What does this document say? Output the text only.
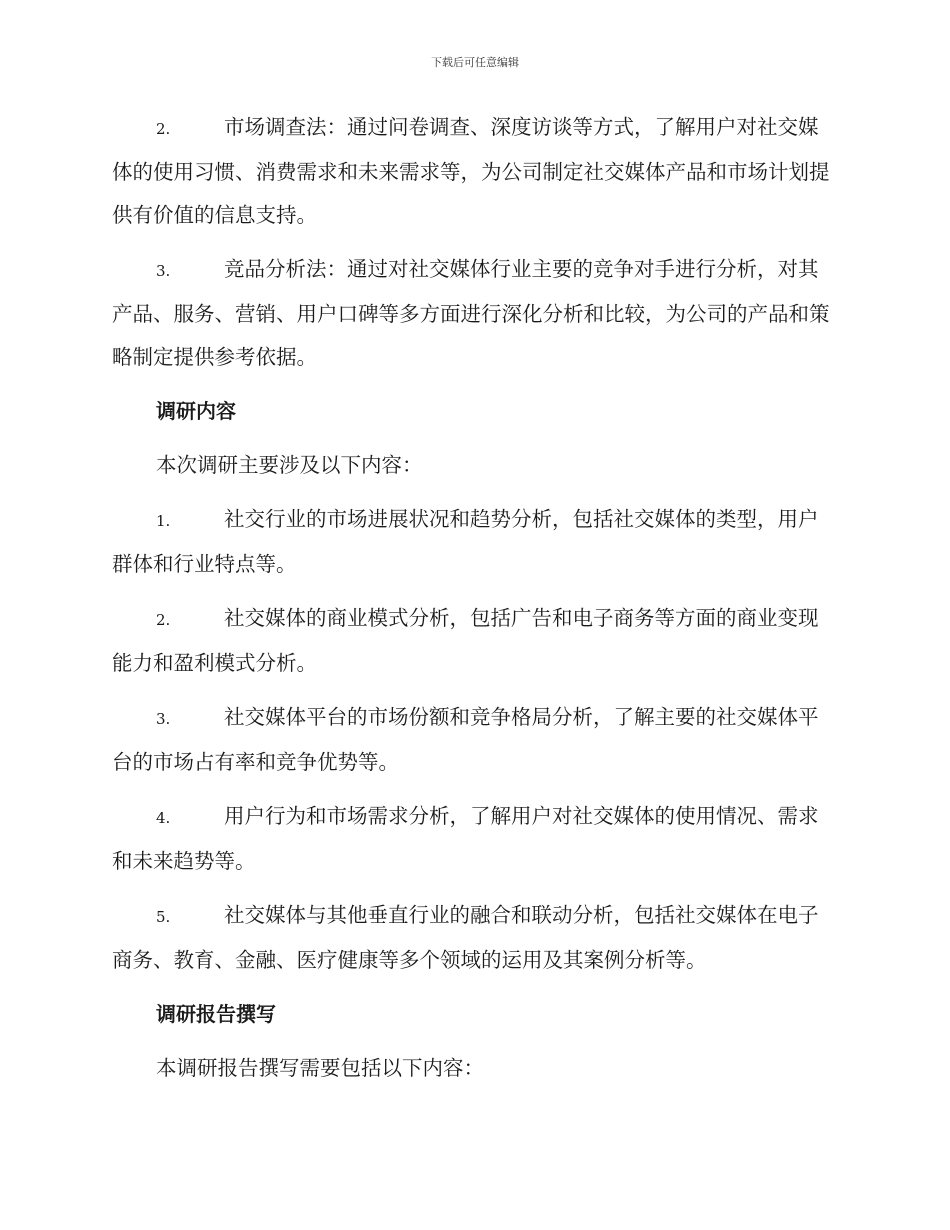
下载后可任意编辑

2.	市场调查法：通过问卷调查、深度访谈等方式，了解用户对社交媒体的使用习惯、消费需求和未来需求等，为公司制定社交媒体产品和市场计划提供有价值的信息支持。

3.	竞品分析法：通过对社交媒体行业主要的竞争对手进行分析，对其产品、服务、营销、用户口碑等多方面进行深化分析和比较，为公司的产品和策略制定提供参考依据。

调研内容

本次调研主要涉及以下内容：

1.	社交行业的市场进展状况和趋势分析，包括社交媒体的类型，用户群体和行业特点等。

2.	社交媒体的商业模式分析，包括广告和电子商务等方面的商业变现能力和盈利模式分析。

3.	社交媒体平台的市场份额和竞争格局分析，了解主要的社交媒体平台的市场占有率和竞争优势等。

4.	用户行为和市场需求分析，了解用户对社交媒体的使用情况、需求和未来趋势等。

5.	社交媒体与其他垂直行业的融合和联动分析，包括社交媒体在电子商务、教育、金融、医疗健康等多个领域的运用及其案例分析等。

调研报告撰写

本调研报告撰写需要包括以下内容：
